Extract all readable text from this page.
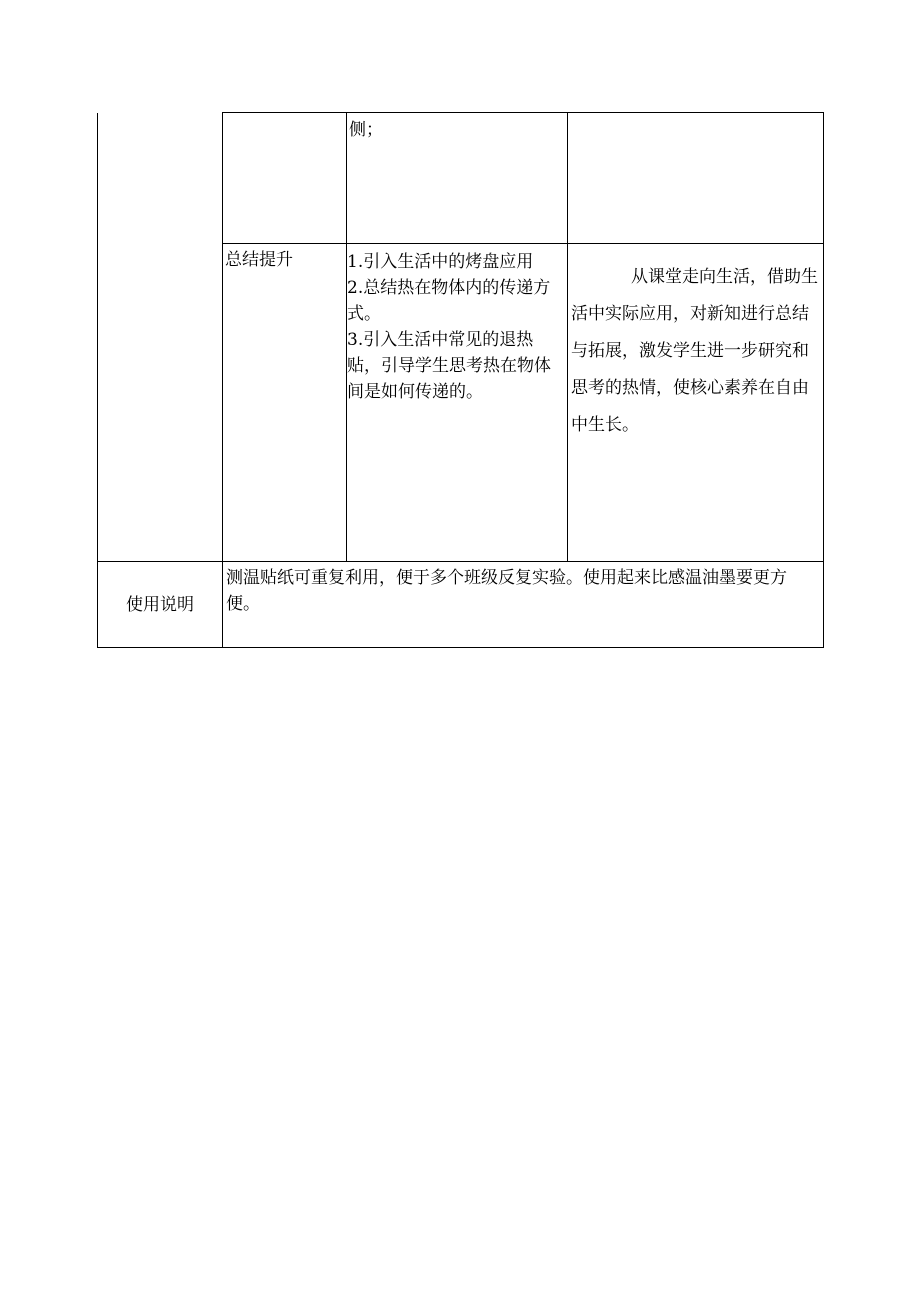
		侧；	

	总结提升	1.引入生活中的烤盘应用

2.总结热在物体内的传递方式。

3.引入生活中常见的退热贴，引导学生思考热在物体间是如何传递的。	从课堂走向生活，借助生活中实际应用，对新知进行总结与拓展，激发学生进一步研究和思考的热情，使核心素养在自由中生长。

使用说明	测温贴纸可重复利用，便于多个班级反复实验。使用起来比感温油墨要更方便。		
